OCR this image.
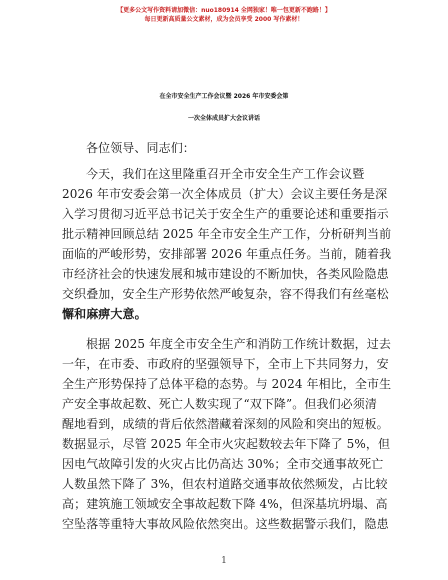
【更多公文写作资料请加微信：nuo180914 全网独家！唯一包更新不跑路！】
每日更新高质量公文素材，成为会员享受 2000 写作素材！
在全市安全生产工作会议暨 2026 年市安委会第
一次全体成员扩大会议讲话
各位领导、同志们：
今天，我们在这里隆重召开全市安全生产工作会议暨
2026 年市安委会第一次全体成员（扩大）会议主要任务是深
入学习贯彻习近平总书记关于安全生产的重要论述和重要指示
批示精神回顾总结 2025 年全市安全生产工作，分析研判当前
面临的严峻形势，安排部署 2026 年重点任务。当前，随着我
市经济社会的快速发展和城市建设的不断加快，各类风险隐患
交织叠加，安全生产形势依然严峻复杂，容不得我们有丝毫松
懈和麻痹大意。
根据 2025 年度全市安全生产和消防工作统计数据，过去
一年，在市委、市政府的坚强领导下，全市上下共同努力，安
全生产形势保持了总体平稳的态势。与 2024 年相比，全市生
产安全事故起数、死亡人数实现了“双下降”。但我们必须清
醒地看到，成绩的背后依然潜藏着深刻的风险和突出的短板。
数据显示，尽管 2025 年全市火灾起数较去年下降了 5%，但
因电气故障引发的火灾占比仍高达 30%；全市交通事故死亡
人数虽然下降了 3%，但农村道路交通事故依然频发，占比较
高；建筑施工领域安全事故起数下降 4%，但深基坑坍塌、高
空坠落等重特大事故风险依然突出。这些数据警示我们，隐患
1
